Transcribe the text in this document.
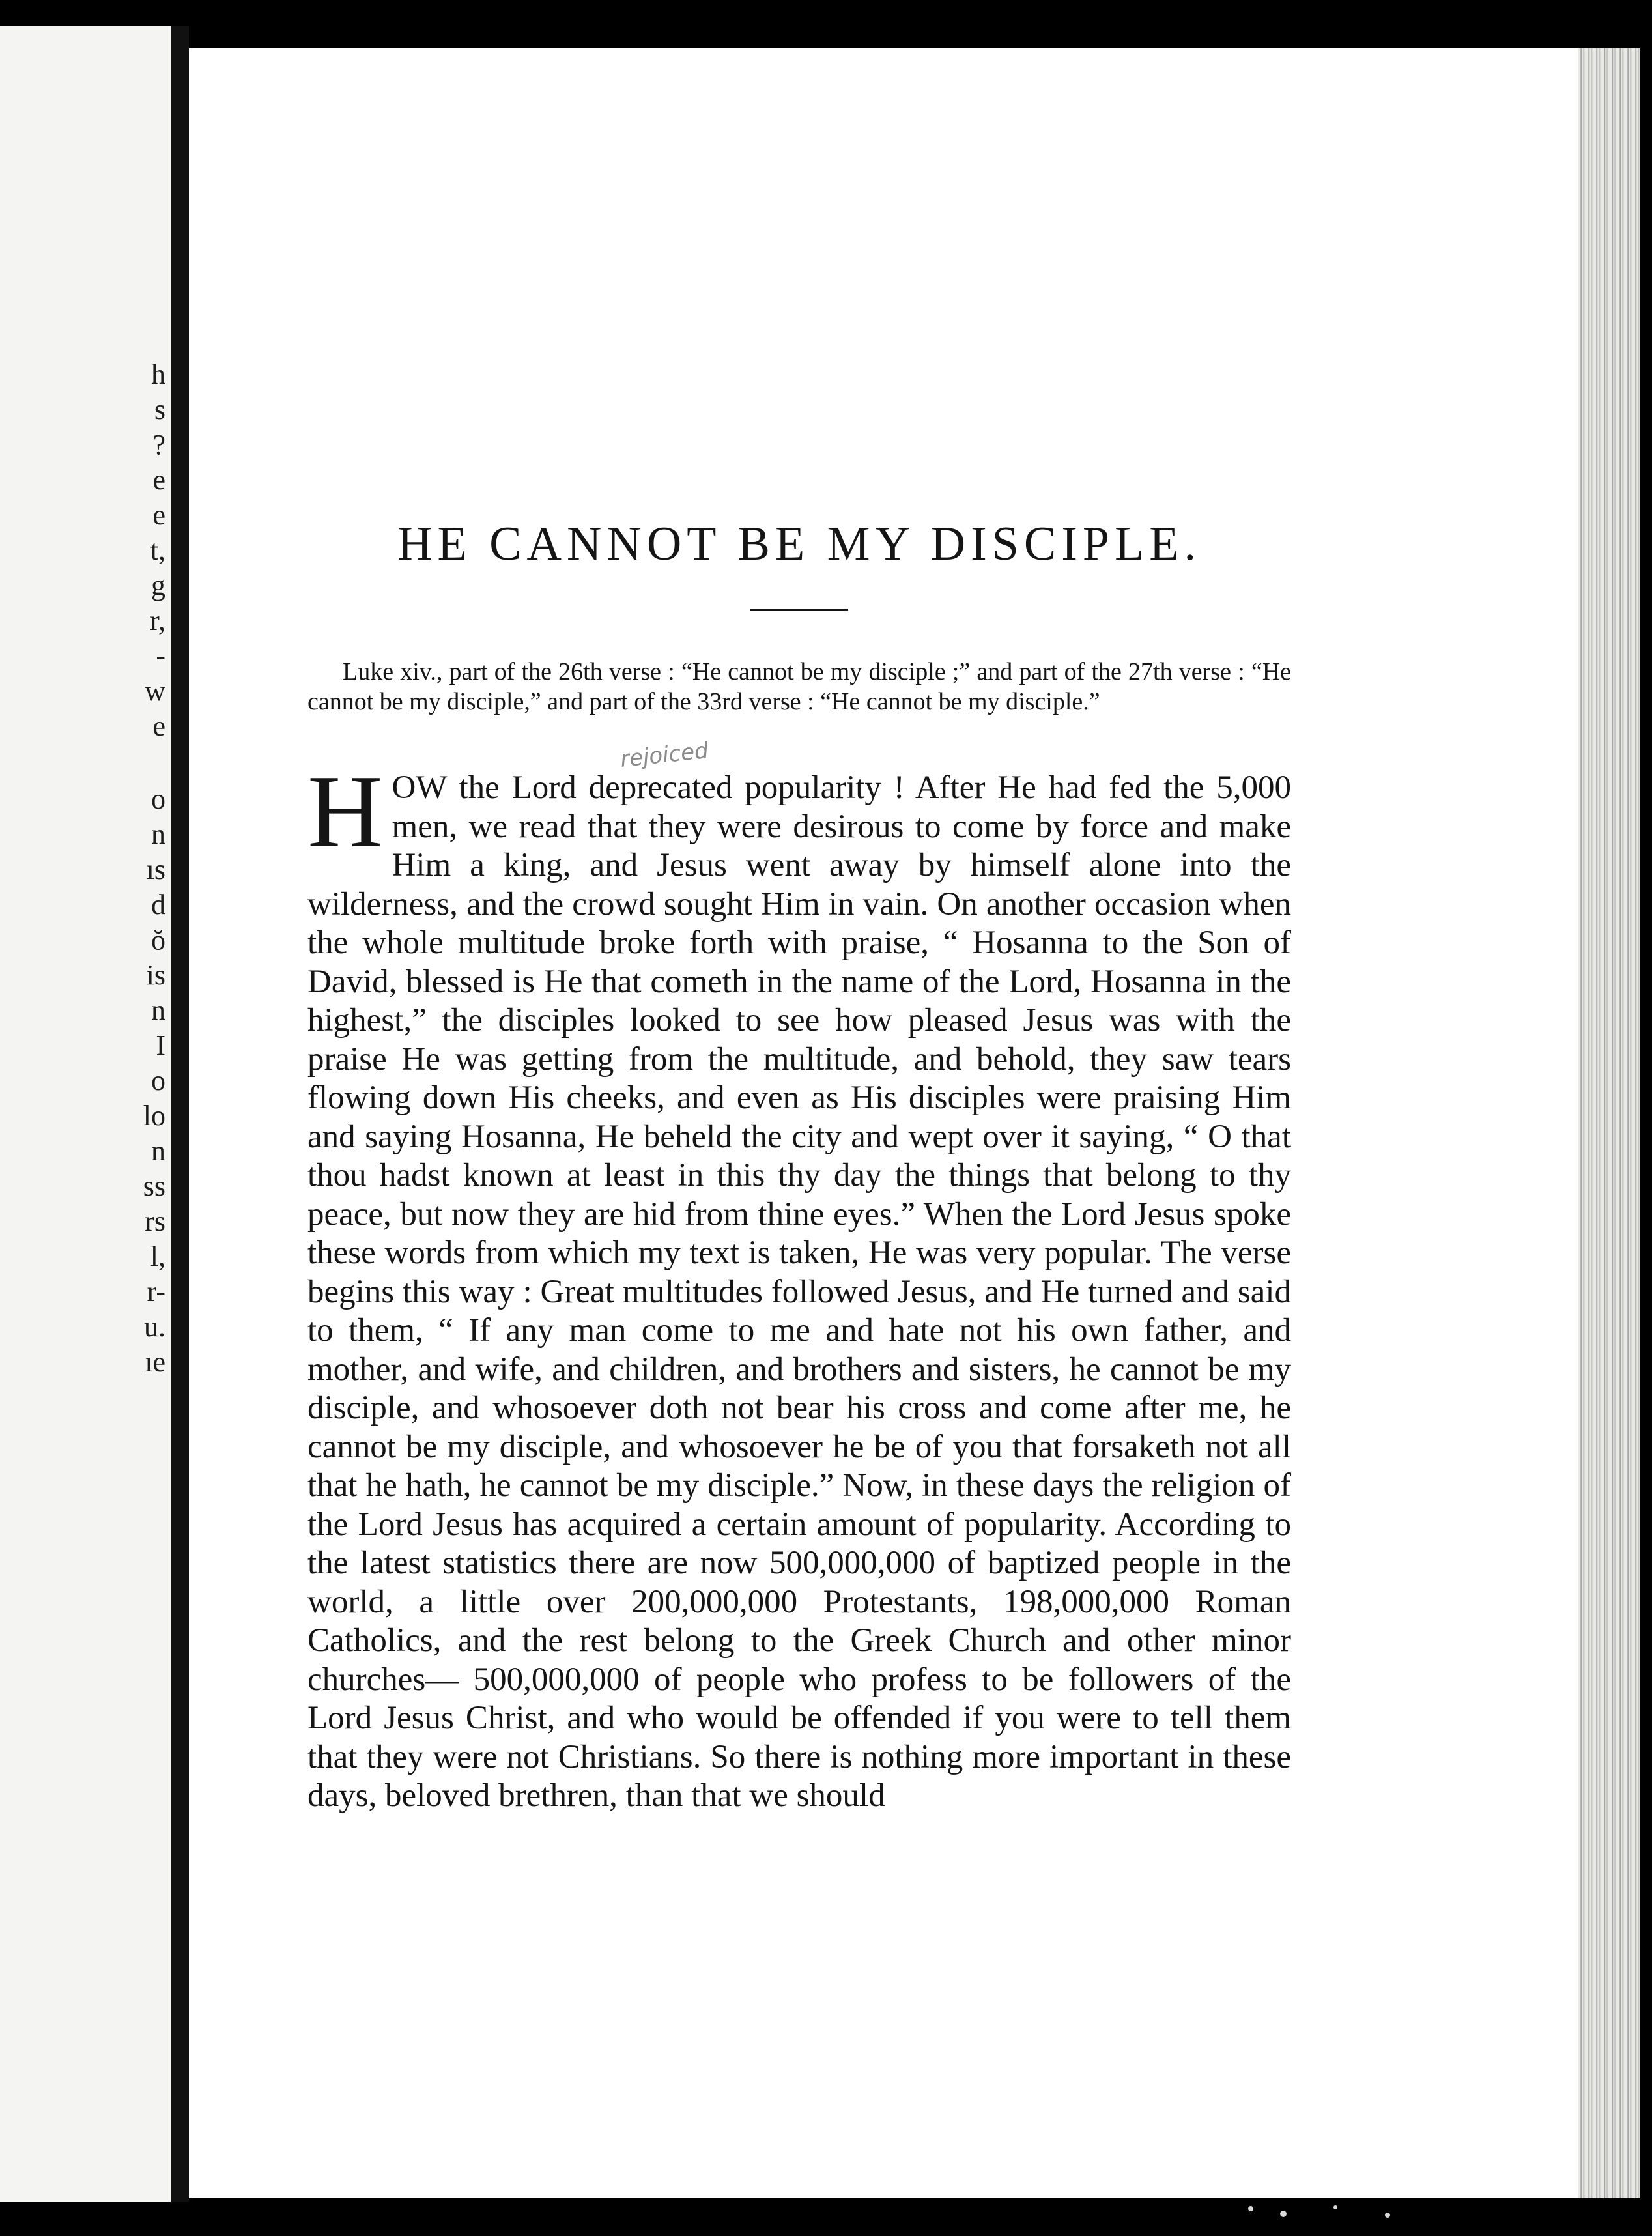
h
s
?
e
e
t,
g
r,
-
w
e
o
n
ıs
d
ŏ
is
n
I
o
lo
n
ss
rs
l,
r-
u.
ıe
HE CANNOT BE MY DISCIPLE.

Luke xiv., part of the 26th verse : “He cannot be my disciple ;” and part of the 27th verse : “He cannot be my disciple,” and part of the 33rd verse : “He cannot be my disciple.”

rejoiced
H OW the Lord deprecated popularity ! After He had fed the 5,000 men, we read that they were desirous to come by force and make Him a king, and Jesus went away by himself alone into the wilderness, and the crowd sought Him in vain. On another occasion when the whole multitude broke forth with praise, “ Hosanna to the Son of David, blessed is He that cometh in the name of the Lord, Hosanna in the highest,” the disciples looked to see how pleased Jesus was with the praise He was getting from the multitude, and behold, they saw tears flowing down His cheeks, and even as His disciples were praising Him and saying Hosanna, He beheld the city and wept over it saying, “ O that thou hadst known at least in this thy day the things that belong to thy peace, but now they are hid from thine eyes.” When the Lord Jesus spoke these words from which my text is taken, He was very popular. The verse begins this way : Great multitudes followed Jesus, and He turned and said to them, “ If any man come to me and hate not his own father, and mother, and wife, and children, and brothers and sisters, he cannot be my disciple, and whosoever doth not bear his cross and come after me, he cannot be my disciple, and whosoever he be of you that forsaketh not all that he hath, he cannot be my disciple.” Now, in these days the religion of the Lord Jesus has acquired a certain amount of popularity. According to the latest statistics there are now 500,000,000 of baptized people in the world, a little over 200,000,000 Protestants, 198,000,000 Roman Catholics, and the rest belong to the Greek Church and other minor churches— 500,000,000 of people who profess to be followers of the Lord Jesus Christ, and who would be offended if you were to tell them that they were not Christians. So there is nothing more important in these days, beloved brethren, than that we should
